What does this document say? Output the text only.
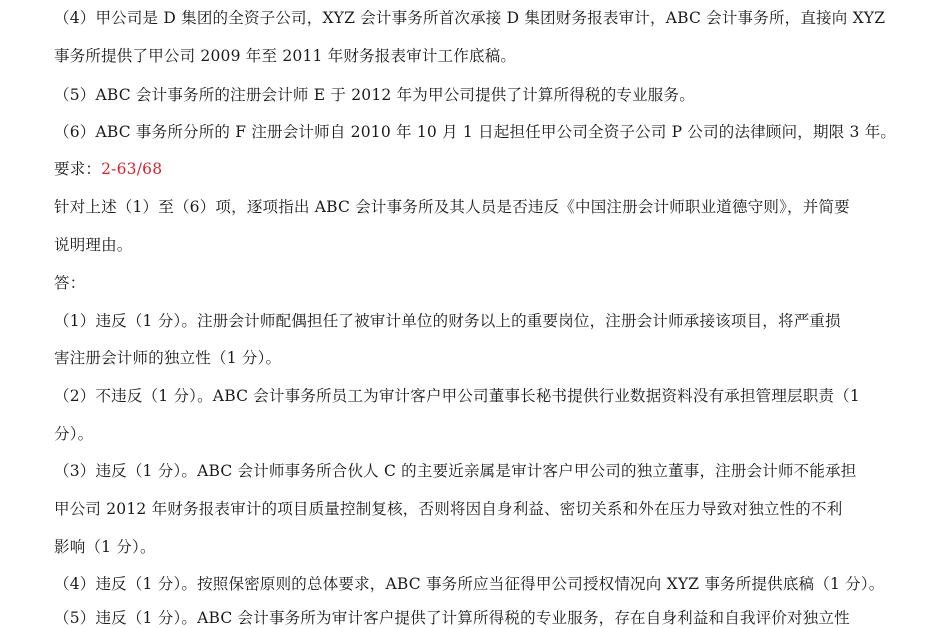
（4）甲公司是 D 集团的全资子公司，XYZ 会计事务所首次承接 D 集团财务报表审计，ABC 会计事务所，直接向 XYZ
事务所提供了甲公司 2009 年至 2011 年财务报表审计工作底稿。
（5）ABC 会计事务所的注册会计师 E 于 2012 年为甲公司提供了计算所得税的专业服务。
（6）ABC 事务所分所的 F 注册会计师自 2010 年 10 月 1 日起担任甲公司全资子公司 P 公司的法律顾问，期限 3 年。
要求：2-63/68
针对上述（1）至（6）项，逐项指出 ABC 会计事务所及其人员是否违反《中国注册会计师职业道德守则》，并简要
说明理由。
答：
（1）违反（1 分）。注册会计师配偶担任了被审计单位的财务以上的重要岗位，注册会计师承接该项目，将严重损
害注册会计师的独立性（1 分）。
（2）不违反（1 分）。ABC 会计事务所员工为审计客户甲公司董事长秘书提供行业数据资料没有承担管理层职责（1
分）。
（3）违反（1 分）。ABC 会计师事务所合伙人 C 的主要近亲属是审计客户甲公司的独立董事，注册会计师不能承担
甲公司 2012 年财务报表审计的项目质量控制复核，否则将因自身利益、密切关系和外在压力导致对独立性的不利
影响（1 分）。
（4）违反（1 分）。按照保密原则的总体要求，ABC 事务所应当征得甲公司授权情况向 XYZ 事务所提供底稿（1 分）。
（5）违反（1 分）。ABC 会计事务所为审计客户提供了计算所得税的专业服务，存在自身利益和自我评价对独立性
